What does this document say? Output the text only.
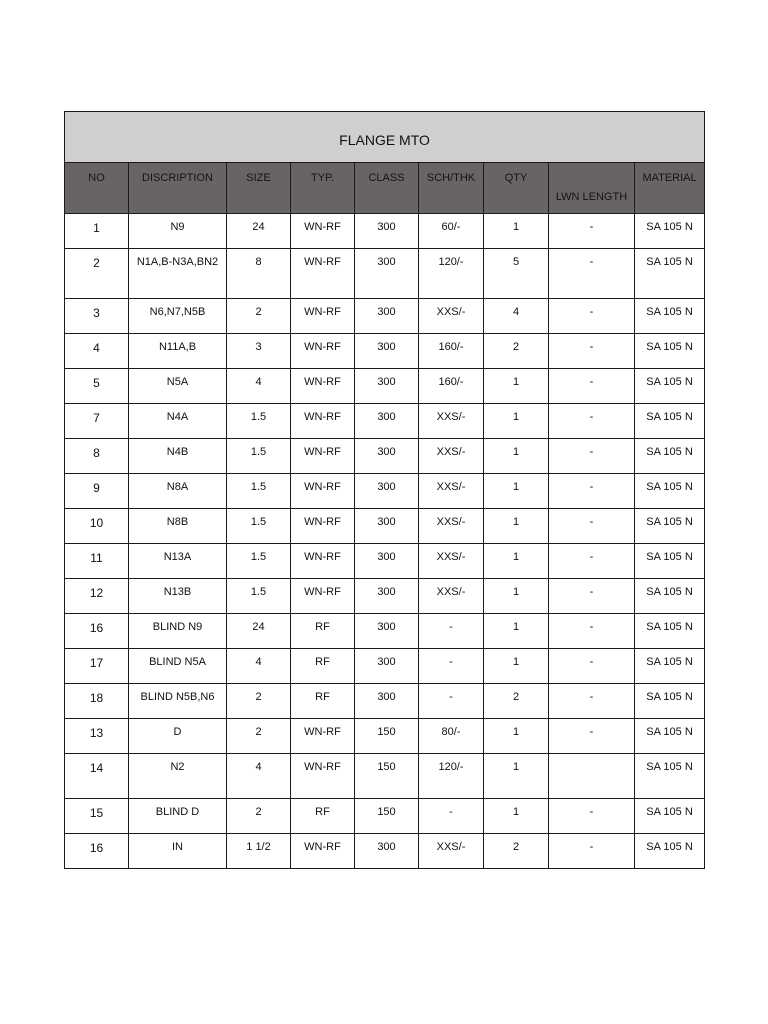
FLANGE MTO								
NO	DISCRIPTION	SIZE	TYP.	CLASS	SCH/THK	QTY	LWN LENGTH	MATERIAL
1	N9	24	WN-RF	300	60/-	1	-	SA 105 N
2	N1A,B-N3A,BN2	8	WN-RF	300	120/-	5	-	SA 105 N
3	N6,N7,N5B	2	WN-RF	300	XXS/-	4	-	SA 105 N
4	N11A,B	3	WN-RF	300	160/-	2	-	SA 105 N
5	N5A	4	WN-RF	300	160/-	1	-	SA 105 N
7	N4A	1.5	WN-RF	300	XXS/-	1	-	SA 105 N
8	N4B	1.5	WN-RF	300	XXS/-	1	-	SA 105 N
9	N8A	1.5	WN-RF	300	XXS/-	1	-	SA 105 N
10	N8B	1.5	WN-RF	300	XXS/-	1	-	SA 105 N
11	N13A	1.5	WN-RF	300	XXS/-	1	-	SA 105 N
12	N13B	1.5	WN-RF	300	XXS/-	1	-	SA 105 N
16	BLIND N9	24	RF	300	-	1	-	SA 105 N
17	BLIND N5A	4	RF	300	-	1	-	SA 105 N
18	BLIND N5B,N6	2	RF	300	-	2	-	SA 105 N
13	D	2	WN-RF	150	80/-	1	-	SA 105 N
14	N2	4	WN-RF	150	120/-	1		SA 105 N
15	BLIND D	2	RF	150	-	1	-	SA 105 N
16	IN	1 1/2	WN-RF	300	XXS/-	2	-	SA 105 N
